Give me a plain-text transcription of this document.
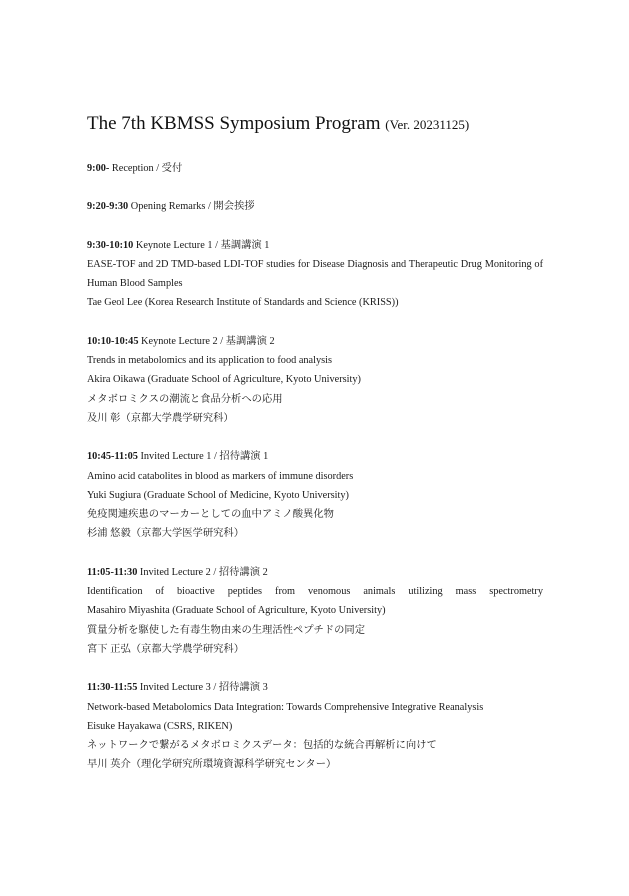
The 7th KBMSS Symposium Program (Ver. 20231125)
9:00- Reception / 受付
9:20-9:30 Opening Remarks / 開会挨拶
9:30-10:10 Keynote Lecture 1 / 基調講演 1
EASE-TOF and 2D TMD-based LDI-TOF studies for Disease Diagnosis and Therapeutic Drug Monitoring of Human Blood Samples
Tae Geol Lee (Korea Research Institute of Standards and Science (KRISS))
10:10-10:45 Keynote Lecture 2 / 基調講演 2
Trends in metabolomics and its application to food analysis
Akira Oikawa (Graduate School of Agriculture, Kyoto University)
メタボロミクスの潮流と食品分析への応用
及川 彰（京都大学農学研究科）
10:45-11:05 Invited Lecture 1 / 招待講演 1
Amino acid catabolites in blood as markers of immune disorders
Yuki Sugiura (Graduate School of Medicine, Kyoto University)
免疫関連疾患のマーカーとしての血中アミノ酸異化物
杉浦 悠毅（京都大学医学研究科）
11:05-11:30 Invited Lecture 2 / 招待講演 2
Identification of bioactive peptides from venomous animals utilizing mass spectrometry
Masahiro Miyashita (Graduate School of Agriculture, Kyoto University)
質量分析を駆使した有毒生物由来の生理活性ペプチドの同定
宮下 正弘（京都大学農学研究科）
11:30-11:55 Invited Lecture 3 / 招待講演 3
Network-based Metabolomics Data Integration: Towards Comprehensive Integrative Reanalysis
Eisuke Hayakawa (CSRS, RIKEN)
ネットワークで繋がるメタボロミクスデータ：包括的な統合再解析に向けて
早川 英介（理化学研究所環境資源科学研究センター）
